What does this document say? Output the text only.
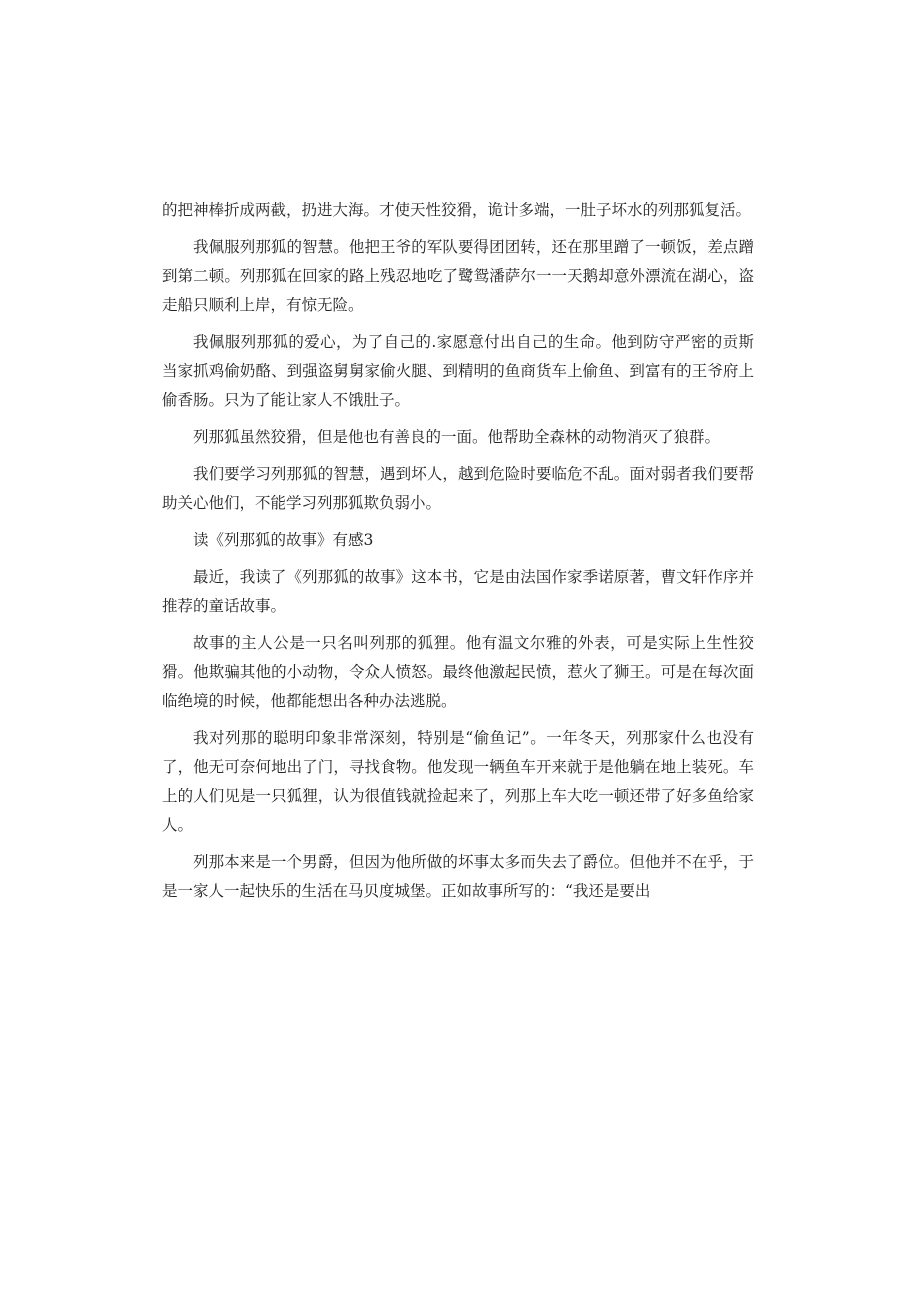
的把神棒折成两截，扔进大海。才使天性狡猾，诡计多端，一肚子坏水的列那狐复活。

我佩服列那狐的智慧。他把王爷的军队要得团团转，还在那里蹭了一顿饭，差点蹭到第二顿。列那狐在回家的路上残忍地吃了鹭鸳潘萨尔一一天鹅却意外漂流在湖心，盗走船只顺利上岸，有惊无险。

我佩服列那狐的爱心，为了自己的.家愿意付出自己的生命。他到防守严密的贡斯当家抓鸡偷奶酪、到强盗舅舅家偷火腿、到精明的鱼商货车上偷鱼、到富有的王爷府上偷香肠。只为了能让家人不饿肚子。

列那狐虽然狡猾，但是他也有善良的一面。他帮助全森林的动物消灭了狼群。

我们要学习列那狐的智慧，遇到坏人，越到危险时要临危不乱。面对弱者我们要帮助关心他们，不能学习列那狐欺负弱小。

读《列那狐的故事》有感3

最近，我读了《列那狐的故事》这本书，它是由法国作家季诺原著，曹文轩作序并推荐的童话故事。

故事的主人公是一只名叫列那的狐狸。他有温文尔雅的外表，可是实际上生性狡猾。他欺骗其他的小动物，令众人愤怒。最终他激起民愤，惹火了狮王。可是在每次面临绝境的时候，他都能想出各种办法逃脱。

我对列那的聪明印象非常深刻，特别是“偷鱼记”。一年冬天，列那家什么也没有了，他无可奈何地出了门，寻找食物。他发现一辆鱼车开来就于是他躺在地上装死。车上的人们见是一只狐狸，认为很值钱就捡起来了，列那上车大吃一顿还带了好多鱼给家人。

列那本来是一个男爵，但因为他所做的坏事太多而失去了爵位。但他并不在乎，于是一家人一起快乐的生活在马贝度城堡。正如故事所写的：“我还是要出
